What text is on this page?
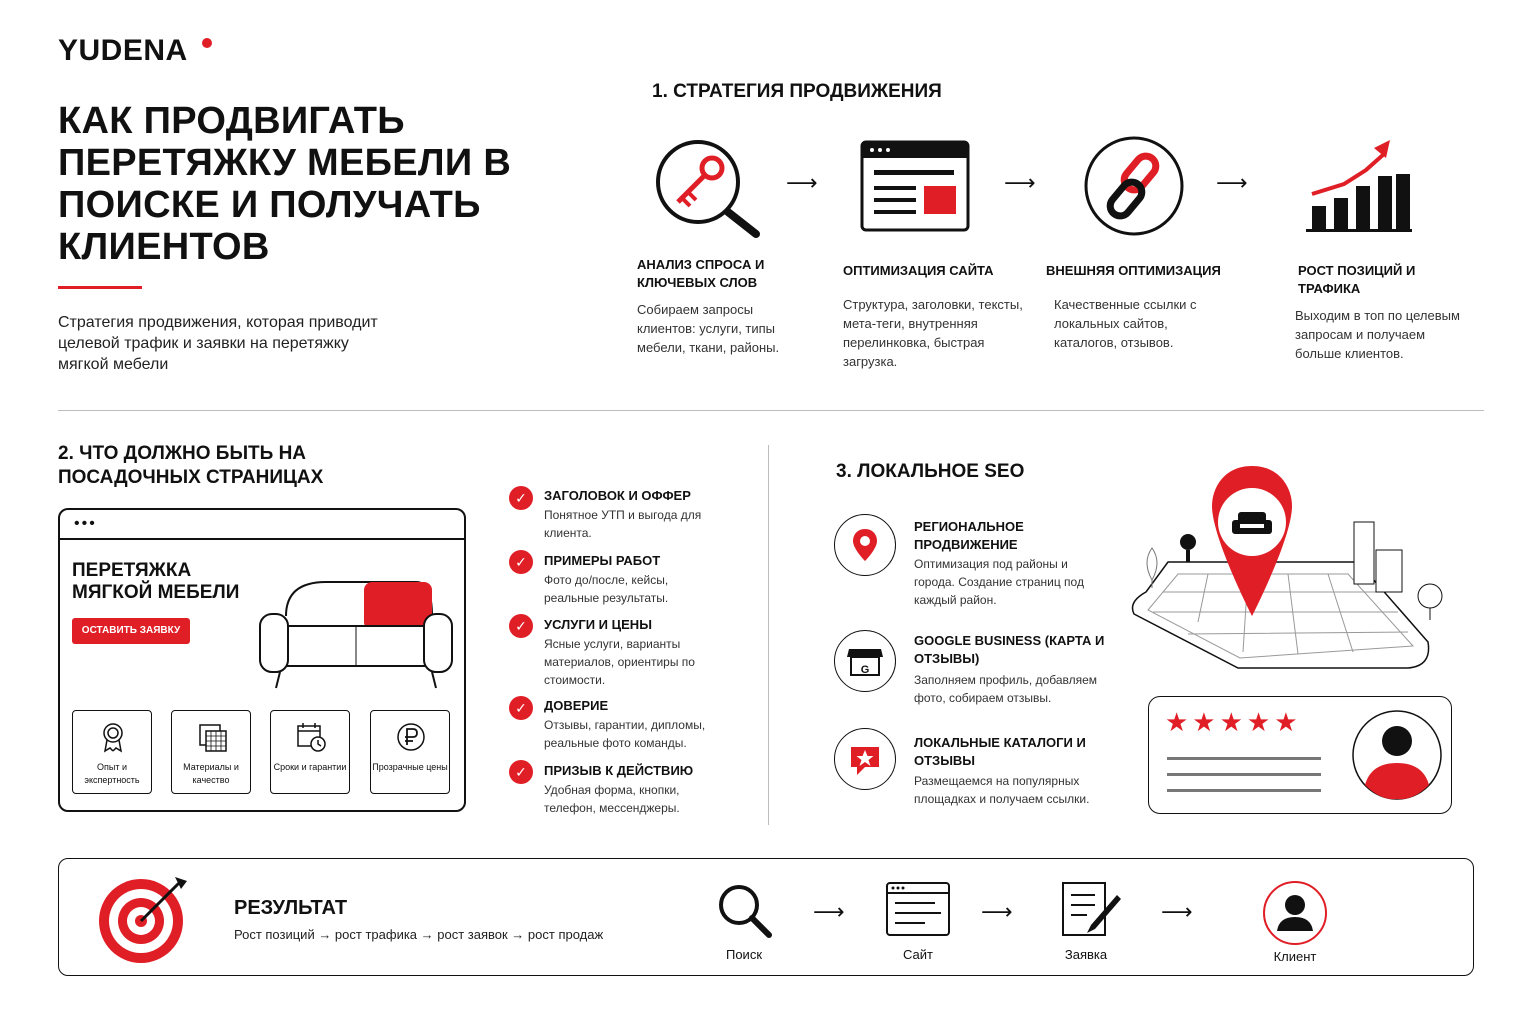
YUDENA
КАК ПРОДВИГАТЬ ПЕРЕТЯЖКУ МЕБЕЛИ В ПОИСКЕ И ПОЛУЧАТЬ КЛИЕНТОВ
Стратегия продвижения, которая приводит целевой трафик и заявки на перетяжку мягкой мебели
1. СТРАТЕГИЯ ПРОДВИЖЕНИЯ
⟶	⟶	⟶
АНАЛИЗ СПРОСА И КЛЮЧЕВЫХ СЛОВ
Собираем запросы клиентов: услуги, типы мебели, ткани, районы.
ОПТИМИЗАЦИЯ САЙТА
Структура, заголовки, тексты, мета-теги, внутренняя перелинковка, быстрая загрузка.
ВНЕШНЯЯ ОПТИМИЗАЦИЯ
Качественные ссылки с локальных сайтов, каталогов, отзывов.
РОСТ ПОЗИЦИЙ И ТРАФИКА
Выходим в топ по целевым запросам и получаем больше клиентов.
2. ЧТО ДОЛЖНО БЫТЬ НА ПОСАДОЧНЫХ СТРАНИЦАХ
•••
ПЕРЕТЯЖКА МЯГКОЙ МЕБЕЛИ
ОСТАВИТЬ ЗАЯВКУ
Опыт и экспертность
Материалы и качество
Сроки и гарантии	Прозрачные цены
✓	ЗАГОЛОВОК И ОФФЕР
Понятное УТП и выгода для клиента.
✓	ПРИМЕРЫ РАБОТ
Фото до/после, кейсы, реальные результаты.
✓	УСЛУГИ И ЦЕНЫ
Ясные услуги, варианты материалов, ориентиры по стоимости.
✓	ДОВЕРИЕ
Отзывы, гарантии, дипломы, реальные фото команды.
✓	ПРИЗЫВ К ДЕЙСТВИЮ
Удобная форма, кнопки, телефон, мессенджеры.
3. ЛОКАЛЬНОЕ SEO
РЕГИОНАЛЬНОЕ ПРОДВИЖЕНИЕ
Оптимизация под районы и города. Создание страниц под каждый район.
G
GOOGLE BUSINESS (КАРТА И ОТЗЫВЫ)
Заполняем профиль, добавляем фото, собираем отзывы.
ЛОКАЛЬНЫЕ КАТАЛОГИ И ОТЗЫВЫ
Размещаемся на популярных площадках и получаем ссылки.
★★★★★
РЕЗУЛЬТАТ
Рост позиций → рост трафика → рост заявок → рост продаж
Поиск
⟶
Сайт
⟶
Заявка
⟶
Клиент
